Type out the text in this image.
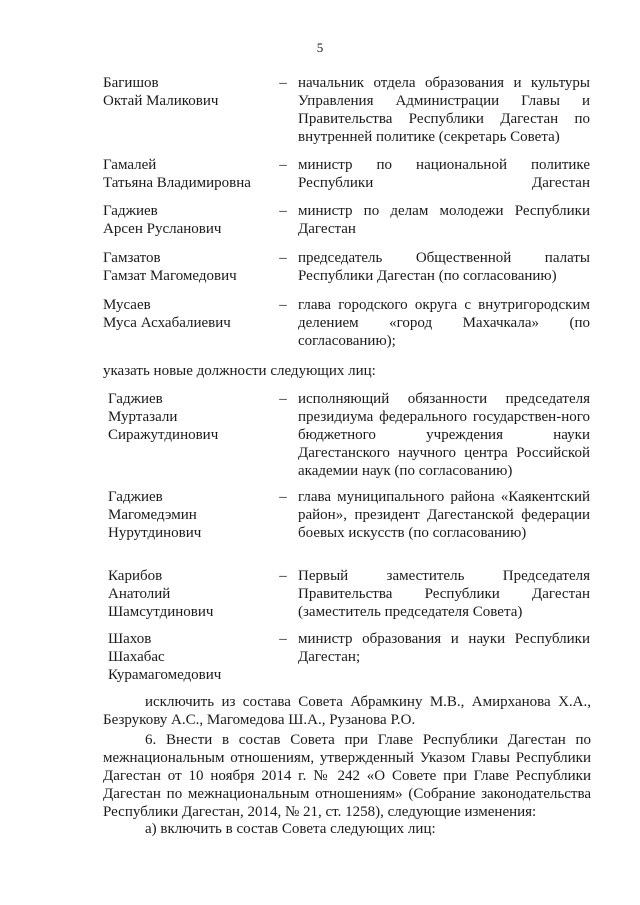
5
Багишов
Октай Маликович
– начальник отдела образования и культуры Управления Администрации Главы и Правительства Республики Дагестан по внутренней политике (секретарь Совета)
Гамалей
Татьяна Владимировна
– министр по национальной политике Республики Дагестан
Гаджиев
Арсен Русланович
– министр по делам молодежи Республики Дагестан
Гамзатов
Гамзат Магомедович
– председатель Общественной палаты Республики Дагестан (по согласованию)
Мусаев
Муса Асхабалиевич
– глава городского округа с внутригородским делением «город Махачкала» (по согласованию);
указать новые должности следующих лиц:
Гаджиев
Муртазали
Сиражутдинович
– исполняющий обязанности председателя президиума федерального государствен-ного бюджетного учреждения науки Дагестанского научного центра Российской академии наук (по согласованию)
Гаджиев
Магомедэмин
Нурутдинович
– глава муниципального района «Каякентский район», президент Дагестанской федерации боевых искусств (по согласованию)
Карибов
Анатолий
Шамсутдинович
– Первый заместитель Председателя Правительства Республики Дагестан (заместитель председателя Совета)
Шахов
Шахабас
Курамагомедович
– министр образования и науки Республики Дагестан;
исключить из состава Совета Абрамкину М.В., Амирханова Х.А., Безрукову А.С., Магомедова Ш.А., Рузанова Р.О.
6. Внести в состав Совета при Главе Республики Дагестан по межнациональным отношениям, утвержденный Указом Главы Республики Дагестан от 10 ноября 2014 г. № 242 «О Совете при Главе Республики Дагестан по межнациональным отношениям» (Собрание законодательства Республики Дагестан, 2014, № 21, ст. 1258), следующие изменения:
а) включить в состав Совета следующих лиц:
